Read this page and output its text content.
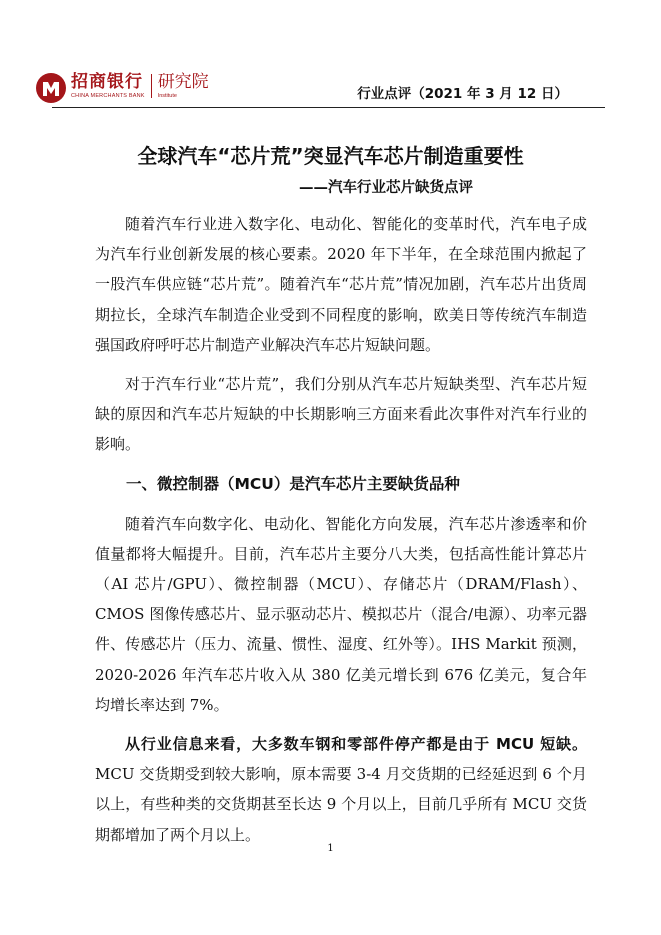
招商银行
CHINA MERCHANTS BANK
研究院
Institute	行业点评（2021 年 3 月 12 日）
全球汽车“芯片荒”突显汽车芯片制造重要性
——汽车行业芯片缺货点评

随着汽车行业进入数字化、电动化、智能化的变革时代，汽车电子成为汽车行业创新发展的核心要素。2020 年下半年，在全球范围内掀起了一股汽车供应链“芯片荒”。随着汽车“芯片荒”情况加剧，汽车芯片出货周期拉长，全球汽车制造企业受到不同程度的影响，欧美日等传统汽车制造强国政府呼吁芯片制造产业解决汽车芯片短缺问题。

对于汽车行业“芯片荒”，我们分别从汽车芯片短缺类型、汽车芯片短缺的原因和汽车芯片短缺的中长期影响三方面来看此次事件对汽车行业的影响。

一、微控制器（MCU）是汽车芯片主要缺货品种

随着汽车向数字化、电动化、智能化方向发展，汽车芯片渗透率和价值量都将大幅提升。目前，汽车芯片主要分八大类，包括高性能计算芯片（AI 芯片/GPU）、微控制器（MCU）、存储芯片（DRAM/Flash）、CMOS 图像传感芯片、显示驱动芯片、模拟芯片（混合/电源）、功率元器件、传感芯片（压力、流量、惯性、湿度、红外等）。IHS Markit 预测，2020-2026 年汽车芯片收入从 380 亿美元增长到 676 亿美元，复合年均增长率达到 7%。

从行业信息来看，大多数车钢和零部件停产都是由于 MCU 短缺。MCU 交货期受到较大影响，原本需要 3-4 月交货期的已经延迟到 6 个月以上，有些种类的交货期甚至长达 9 个月以上，目前几乎所有 MCU 交货期都增加了两个月以上。

1
